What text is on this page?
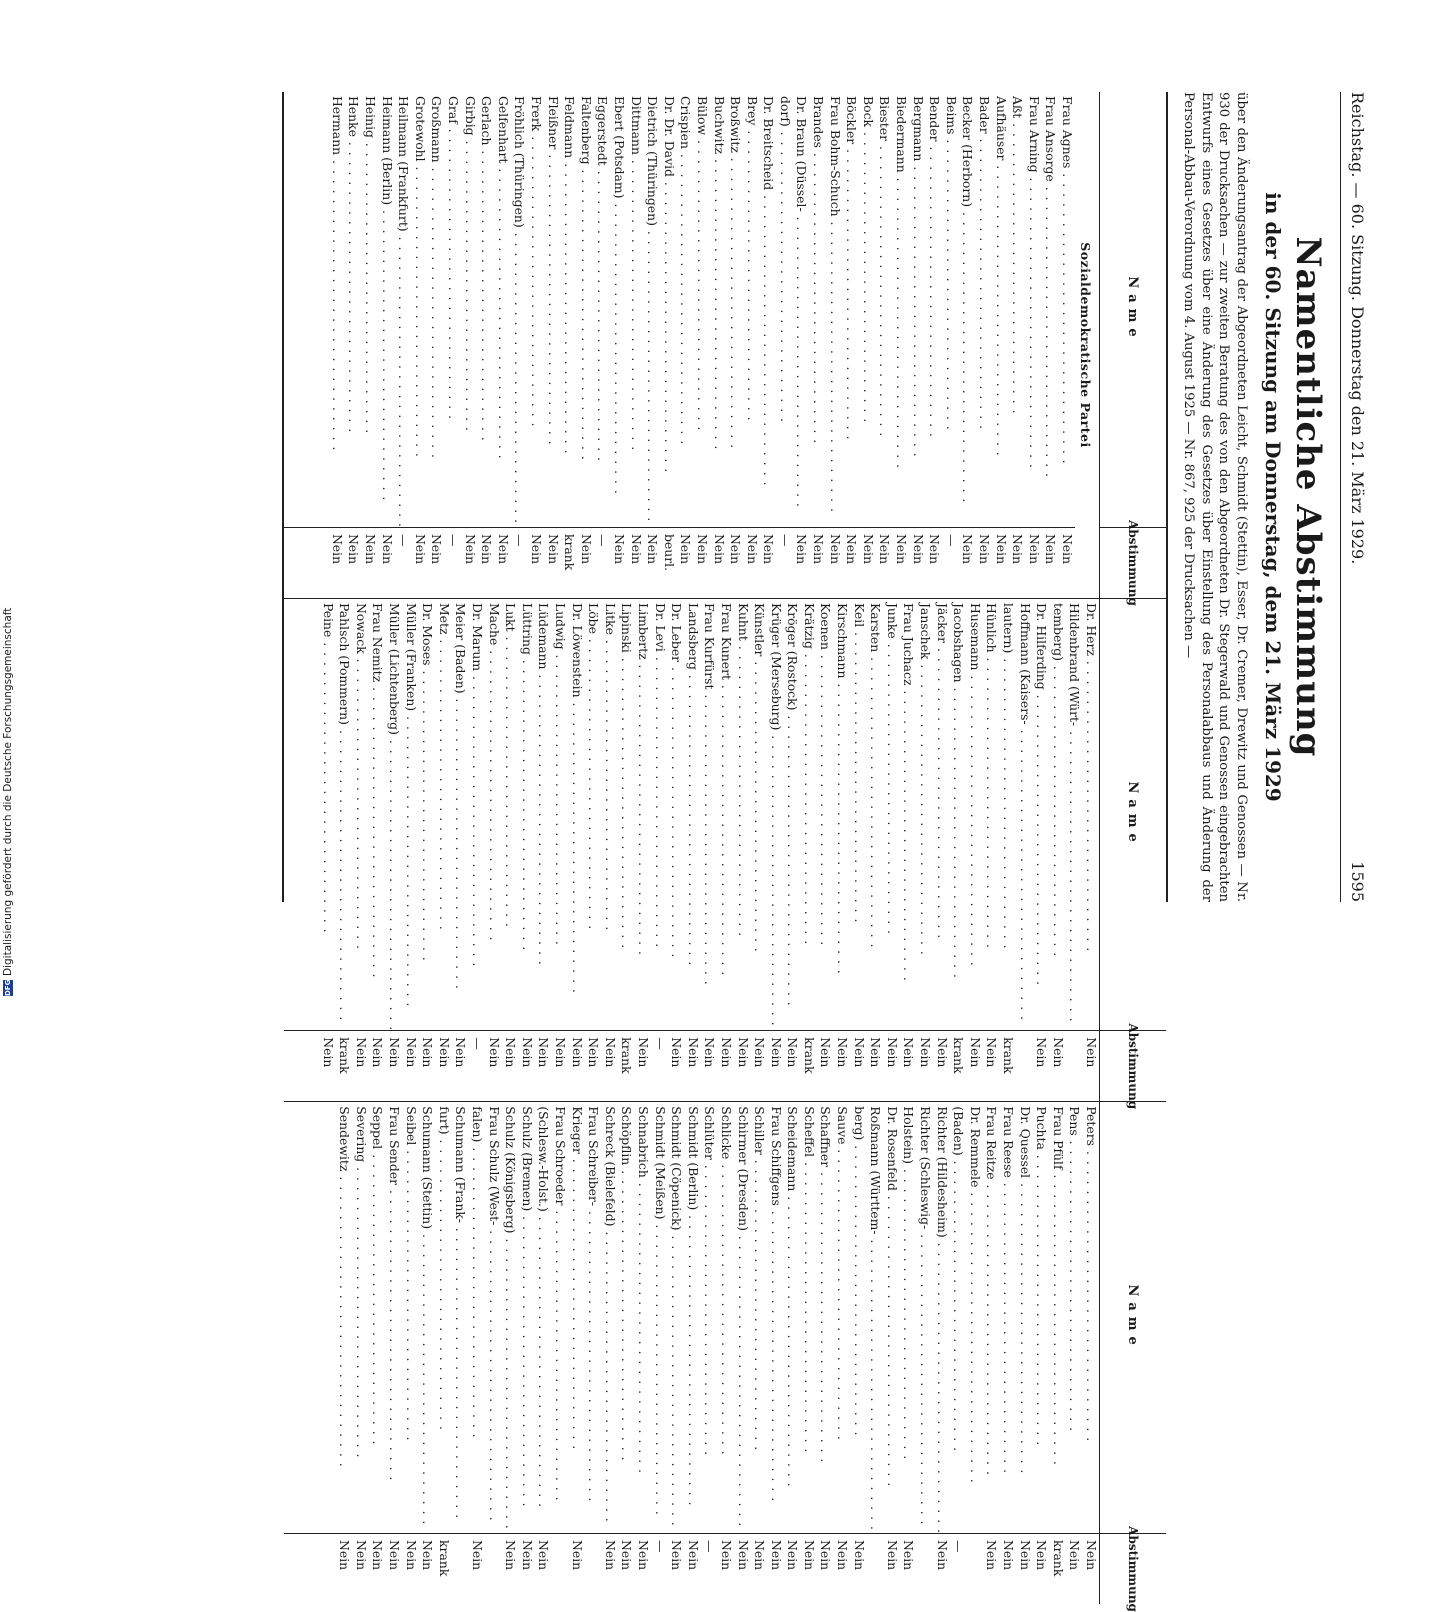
Reichstag. — 60. Sitzung. Donnerstag den 21. März 1929.
1595
Namentliche Abstimmung
in der 60. Sitzung am Donnerstag, dem 21. März 1929
über den Änderungsantrag der Abgeordneten Leicht, Schmidt (Stettin), Esser, Dr. Cremer, Drewitz und Genossen — Nr. 930 der Drucksachen — zur zweiten Beratung des von den Abgeordneten Dr. Stegerwald und Genossen eingebrachten Entwurfs eines Gesetzes über eine Änderung des Gesetzes über Einstellung des Personalabbaus und Änderung der Personal-Abbau-Verordnung vom 4. August 1925 — Nr. 867, 925 der Drucksachen —
Name
Abstimmung
Sozialdemokratische Partei
Frau Agnes . . .
Nein
Frau Ansorge . . .
Nein
Frau Arning . . .
Nein
Aßt . . .
Nein
Aufhäuser . . .
Nein
Bader . . .
Nein
Becker (Herborn) . . .
Nein
Beims . . .
—
Bender . . .
Nein
Bergmann . . .
Nein
Biedermann . . .
Nein
Biester . . .
Nein
Bock . . .
Nein
Böckler . . .
Nein
Frau Bohm-Schuch . . .
Nein
Brandes . . .
Nein
Dr. Braun (Düssel- . . .
Nein
dorf) . . .
—
Dr. Breitscheid . . .
Nein
Brey . . .
Nein
Broßwitz . . .
Nein
Buchwitz . . .
Nein
Bülow . . .
Nein
Crispien . . .
Nein
Dr. Dr. David . . .
beurl.
Dietrich (Thüringen) . . .
Nein
Dittmann . . .
Nein
Ebert (Potsdam) . . .
Nein
Eggerstedt . . .
—
Faltenberg . . .
Nein
Feldmann . . .
krank
Fleißner . . .
Nein
Frerk . . .
Nein
Fröhlich (Thüringen) . . .
—
Gelfenhart . . .
Nein
Gerlach . . .
Nein
Girbig . . .
Nein
Graf . . .
—
Großmann . . .
Nein
Grotewohl . . .
Nein
Heilmann (Frankfurt) . . .
—
Heimann (Berlin) . . .
Nein
Heinig . . .
Nein
Henke . . .
Nein
Hermann . . .
Nein
Name
Abstimmung
Dr. Herz . . .
Nein
Hildenbrand (Würt- . . .
temberg) . . .
Nein
Dr. Hilferding . . .
Nein
Hoffmann (Kaisers- . . .
lautern) . . .
krank
Hünlich . . .
Nein
Husemann . . .
Nein
Jacobshagen . . .
krank
Jäcker . . .
Nein
Janschek . . .
Nein
Frau Juchacz . . .
Nein
Junke . . .
Nein
Karsten . . .
Nein
Keil . . .
Nein
Kirschmann . . .
Nein
Koenen . . .
Nein
Krätzig . . .
krank
Kröger (Rostock) . . .
Nein
Krüger (Merseburg) . . .
Nein
Künstler . . .
Nein
Kuhnt . . .
Nein
Frau Kunert . . .
Nein
Frau Kurfürst . . .
Nein
Landsberg . . .
Nein
Dr. Leber . . .
Nein
Dr. Levi . . .
—
Limbertz . . .
Nein
Lipinski . . .
krank
Litke . . .
Nein
Löbe . . .
Nein
Dr. Löwenstein . . .
Nein
Ludwig . . .
Nein
Lüdemann . . .
Nein
Lüttring . . .
Nein
Lukt . . .
Nein
Mache . . .
Nein
Dr. Marum . . .
—
Meier (Baden) . . .
Nein
Metz . . .
Nein
Dr. Moses . . .
Nein
Müller (Franken) . . .
Nein
Müller (Lichtenberg) . . .
Nein
Frau Nemitz . . .
Nein
Nowack . . .
Nein
Pahlsch (Pommern) . . .
krank
Peine . . .
Nein
Name
Abstimmung
Peters . . .
Nein
Pens . . .
Nein
Frau Pfülf . . .
krank
Puchta . . .
Nein
Dr. Quessel . . .
Nein
Frau Reese . . .
Nein
Frau Reitze . . .
Nein
Dr. Remmele . . .
(Baden) . . .
—
Richter (Hildesheim) . . .
Nein
Richter (Schleswig- . . .
Holstein) . . .
Nein
Dr. Rosenfeld . . .
Nein
Roßmann (Württem- . . .
berg) . . .
Nein
Sauve . . .
Nein
Schaffner . . .
Nein
Scheffel . . .
Nein
Scheidemann . . .
Nein
Frau Schiffgens . . .
Nein
Schiller . . .
Nein
Schirmer (Dresden) . . .
Nein
Schlicke . . .
Nein
Schlüter . . .
—
Schmidt (Berlin) . . .
Nein
Schmidt (Cöpenick) . . .
Nein
Schmidt (Meißen) . . .
—
Schnabrich . . .
Nein
Schöpflin . . .
Nein
Schreck (Bielefeld) . . .
Nein
Frau Schreiber- . . .
Krieger . . .
Nein
Frau Schroeder . . .
(Schlesw.-Holst.) . . .
Nein
Schulz (Bremen) . . .
Nein
Schulz (Königsberg) . . .
Nein
Frau Schulz (West- . . .
falen) . . .
Nein
Schumann (Frank- . . .
furt) . . .
krank
Schumann (Stettin) . . .
Nein
Seibel . . .
Nein
Frau Sender . . .
Nein
Seppel . . .
Nein
Severing . . .
Nein
Sendewitz . . .
Nein
DFG
Digitalisierung gefördert durch die Deutsche Forschungsgemeinschaft
